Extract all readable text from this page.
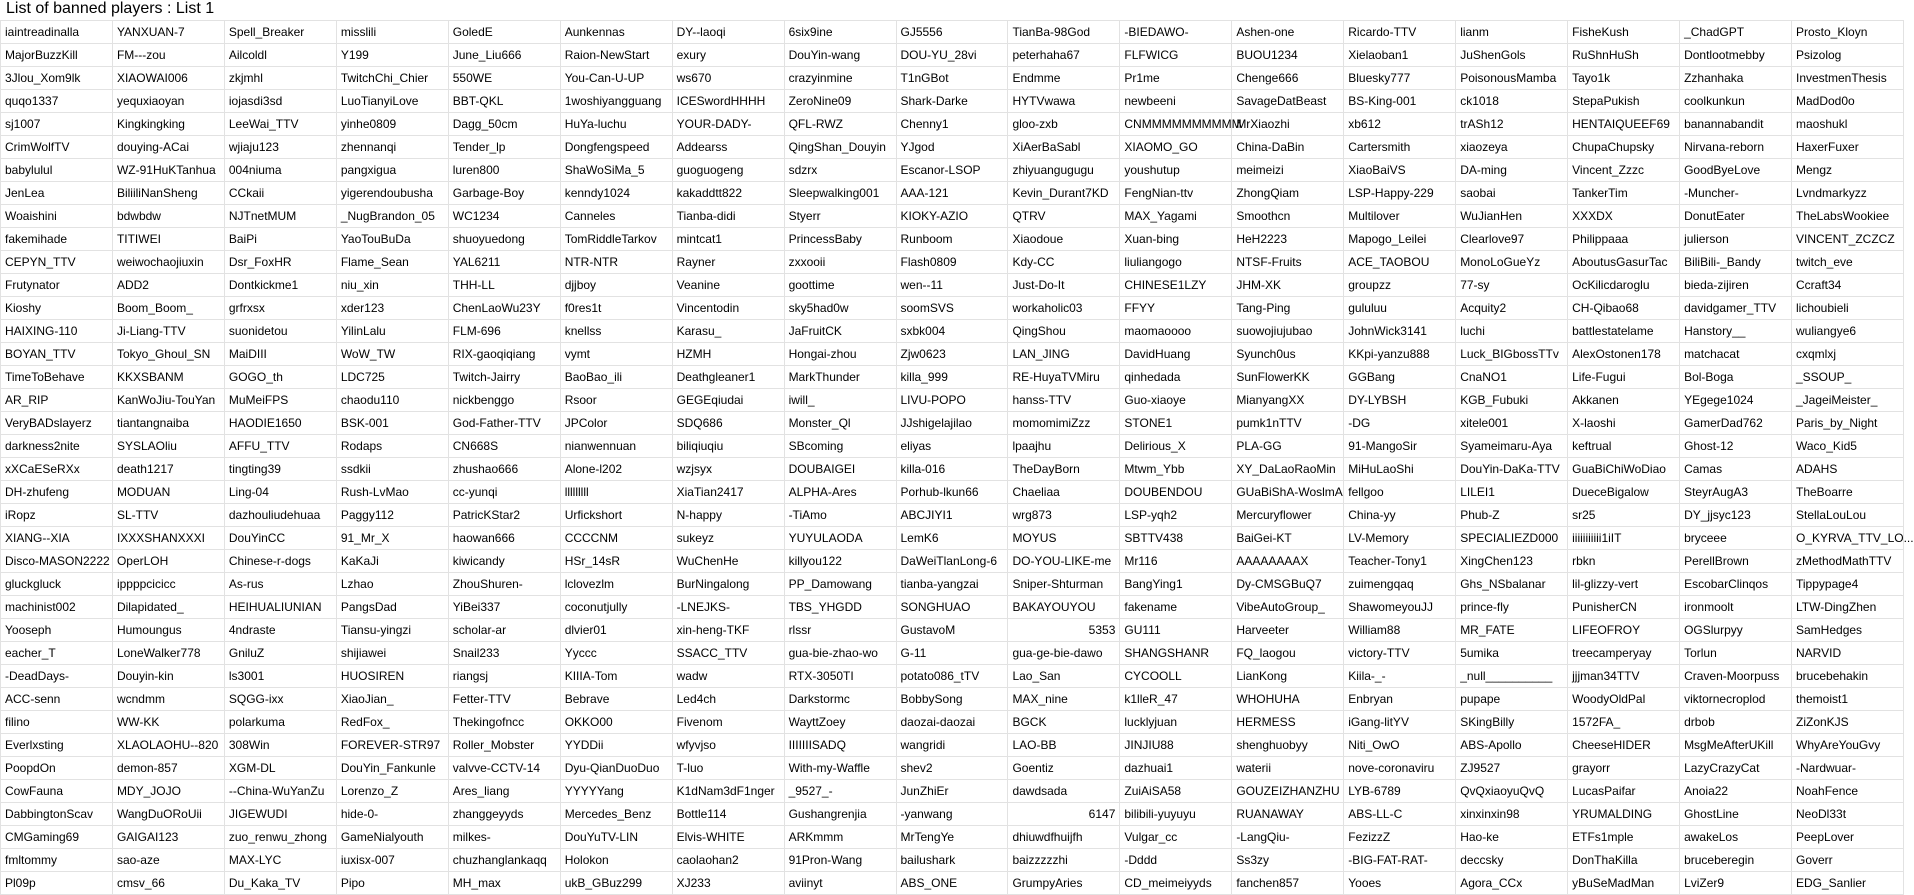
List of banned players : List 1
iaintreadinalla	YANXUAN-7	Spell_Breaker	misslili	GoledE	Aunkennas	DY--laoqi	6six9ine	GJ5556	TianBa-98God	-BIEDAWO-	Ashen-one	Ricardo-TTV	lianm	FisheKush	_ChadGPT	Prosto_Kloyn
MajorBuzzKill	FM---zou	Ailcoldl	Y199	June_Liu666	Raion-NewStart	exury	DouYin-wang	DOU-YU_28vi	peterhaha67	FLFWICG	BUOU1234	Xielaoban1	JuShenGols	RuShnHuSh	Dontlootmebby	Psizolog
3Jlou_Xom9lk	XIAOWAI006	zkjmhl	TwitchChi_Chier	550WE	You-Can-U-UP	ws670	crazyinmine	T1nGBot	Endmme	Pr1me	Chenge666	Bluesky777	PoisonousMamba	Tayo1k	Zzhanhaka	InvestmenThesis
quqo1337	yequxiaoyan	iojasdi3sd	LuoTianyiLove	BBT-QKL	1woshiyangguang	ICESwordHHHH	ZeroNine09	Shark-Darke	HYTVwawa	newbeeni	SavageDatBeast	BS-King-001	ck1018	StepaPukish	coolkunkun	MadDod0o
sj1007	Kingkingking	LeeWai_TTV	yinhe0809	Dagg_50cm	HuYa-luchu	YOUR-DADY-	QFL-RWZ	Chenny1	gloo-zxb	CNMMMMMMMMMM	MrXiaozhi	xb612	trASh12	HENTAIQUEEF69	banannabandit	maoshukl
CrimWolfTV	douying-ACai	wjiaju123	zhennanqi	Tender_lp	Dongfengspeed	Addearss	QingShan_Douyin	YJgod	XiAerBaSabl	XIAOMO_GO	China-DaBin	Cartersmith	xiaozeya	ChupaChupsky	Nirvana-reborn	HaxerFuxer
babylulul	WZ-91HuKTanhua	004niuma	pangxigua	luren800	ShaWoSiMa_5	guoguogeng	sdzrx	Escanor-LSOP	zhiyuangugugu	youshutup	meimeizi	XiaoBaiVS	DA-ming	Vincent_Zzzc	GoodByeLove	Mengz
JenLea	BiliiliNanSheng	CCkaii	yigerendoubusha	Garbage-Boy	kenndy1024	kakaddtt822	Sleepwalking001	AAA-121	Kevin_Durant7KD	FengNian-ttv	ZhongQiam	LSP-Happy-229	saobai	TankerTim	-Muncher-	Lvndmarkyzz
Woaishini	bdwbdw	NJTnetMUM	_NugBrandon_05	WC1234	Canneles	Tianba-didi	Styerr	KIOKY-AZIO	QTRV	MAX_Yagami	Smoothcn	Multilover	WuJianHen	XXXDX	DonutEater	TheLabsWookiee
fakemihade	TITIWEI	BaiPi	YaoTouBuDa	shuoyuedong	TomRiddleTarkov	mintcat1	PrincessBaby	Runboom	Xiaodoue	Xuan-bing	HeH2223	Mapogo_Leilei	Clearlove97	Philippaaa	julierson	VINCENT_ZCZCZ
CEPYN_TTV	weiwochaojiuxin	Dsr_FoxHR	Flame_Sean	YAL6211	NTR-NTR	Rayner	zxxooii	Flash0809	Kdy-CC	liuliangogo	NTSF-Fruits	ACE_TAOBOU	MonoLoGueYz	AboutusGasurTac	BiliBili-_Bandy	twitch_eve
Frutynator	ADD2	Dontkickme1	niu_xin	THH-LL	djjboy	Veanine	goottime	wen--11	Just-Do-It	CHINESE1LZY	JHM-XK	groupzz	77-sy	OcKilicdaroglu	bieda-zijiren	Ccraft34
Kioshy	Boom_Boom_	grfrxsx	xder123	ChenLaoWu23Y	f0res1t	Vincentodin	sky5had0w	soomSVS	workaholic03	FFYY	Tang-Ping	gululuu	Acquity2	CH-Qibao68	davidgamer_TTV	lichoubieli
HAIXING-110	Ji-Liang-TTV	suonidetou	YilinLalu	FLM-696	knellss	Karasu_	JaFruitCK	sxbk004	QingShou	maomaoooo	suowojiujubao	JohnWick3141	luchi	battlestatelame	Hanstory__	wuliangye6
BOYAN_TTV	Tokyo_Ghoul_SN	MaiDIII	WoW_TW	RIX-gaoqiqiang	vymt	HZMH	Hongai-zhou	Zjw0623	LAN_JING	DavidHuang	Syunch0us	KKpi-yanzu888	Luck_BIGbossTTv	AlexOstonen178	matchacat	cxqmlxj
TimeToBehave	KKXSBANM	GOGO_th	LDC725	Twitch-Jairry	BaoBao_ili	Deathgleaner1	MarkThunder	killa_999	RE-HuyaTVMiru	qinhedada	SunFlowerKK	GGBang	CnaNO1	Life-Fugui	Bol-Boga	_SSOUP_
AR_RIP	KanWoJiu-TouYan	MuMeiFPS	chaodu110	nickbenggo	Rsoor	GEGEqiudai	iwill_	LIVU-POPO	hanss-TTV	Guo-xiaoye	MianyangXX	DY-LYBSH	KGB_Fubuki	Akkanen	YEgege1024	_JageiMeister_
VeryBADslayerz	tiantangnaiba	HAODIE1650	BSK-001	God-Father-TTV	JPColor	SDQ686	Monster_Ql	JJshigelajilao	momomimiZzz	STONE1	pumk1nTTV	-DG	xitele001	X-laoshi	GamerDad762	Paris_by_Night
darkness2nite	SYSLAOliu	AFFU_TTV	Rodaps	CN668S	nianwennuan	biliqiuqiu	SBcoming	eliyas	lpaajhu	Delirious_X	PLA-GG	91-MangoSir	Syameimaru-Aya	keftrual	Ghost-12	Waco_Kid5
xXCaESeRXx	death1217	tingting39	ssdkii	zhushao666	Alone-l202	wzjsyx	DOUBAIGEI	killa-016	TheDayBorn	Mtwm_Ybb	XY_DaLaoRaoMin	MiHuLaoShi	DouYin-DaKa-TTV	GuaBiChiWoDiao	Camas	ADAHS
DH-zhufeng	MODUAN	Ling-04	Rush-LvMao	cc-yunqi	lllllllll	XiaTian2417	ALPHA-Ares	Porhub-lkun66	Chaeliaa	DOUBENDOU	GUaBiShA-WoslmA	fellgoo	LILEI1	DueceBigalow	SteyrAugA3	TheBoarre
iRopz	SL-TTV	dazhouliudehuaa	Paggy112	PatricKStar2	Urfickshort	N-happy	-TiAmo	ABCJIYI1	wrg873	LSP-yqh2	Mercuryflower	China-yy	Phub-Z	sr25	DY_jjsyc123	StellaLouLou
XIANG--XIA	IXXXSHANXXXI	DouYinCC	91_Mr_X	haowan666	CCCCNM	sukeyz	YUYULAODA	LemK6	MOYUS	SBTTV438	BaiGei-KT	LV-Memory	SPECIALIEZD000	iiiiiiiiiii1iIT	bryceee	O_KYRVA_TTV_LO...
Disco-MASON2222	OperLOH	Chinese-r-dogs	KaKaJi	kiwicandy	HSr_14sR	WuChenHe	killyou122	DaWeiTlanLong-6	DO-YOU-LIKE-me	Mr116	AAAAAAAAX	Teacher-Tony1	XingChen123	rbkn	PerellBrown	zMethodMathTTV
gluckgluck	ippppcicicc	As-rus	Lzhao	ZhouShuren-	lclovezlm	BurNingalong	PP_Damowang	tianba-yangzai	Sniper-Shturman	BangYing1	Dy-CMSGBuQ7	zuimengqaq	Ghs_NSbalanar	lil-glizzy-vert	EscobarClinqos	Tippypage4
machinist002	Dilapidated_	HEIHUALIUNIAN	PangsDad	YiBei337	coconutjully	-LNEJKS-	TBS_YHGDD	SONGHUAO	BAKAYOUYOU	fakename	VibeAutoGroup_	ShawomeyouJJ	prince-fly	PunisherCN	ironmoolt	LTW-DingZhen
Yooseph	Humoungus	4ndraste	Tiansu-yingzi	scholar-ar	dlvier01	xin-heng-TKF	rlssr	GustavoM	5353	GU111	Harveeter	William88	MR_FATE	LIFEOFROY	OGSlurpyy	SamHedges
eacher_T	LoneWalker778	GniluZ	shijiawei	Snail233	Yyccc	SSACC_TTV	gua-bie-zhao-wo	G-11	gua-ge-bie-dawo	SHANGSHANR	FQ_laogou	victory-TTV	5umika	treecamperyay	Torlun	NARVID
-DeadDays-	Douyin-kin	ls3001	HUOSIREN	riangsj	KIIIA-Tom	wadw	RTX-3050TI	potato086_tTV	Lao_San	CYCOOLL	LianKong	Kiila-_-	_null__________	jjjman34TTV	Craven-Moorpuss	brucebehakin
ACC-senn	wcndmm	SQGG-ixx	XiaoJian_	Fetter-TTV	Bebrave	Led4ch	Darkstormc	BobbySong	MAX_nine	k1lleR_47	WHOHUHA	Enbryan	pupape	WoodyOldPal	viktornecroplod	themoist1
filino	WW-KK	polarkuma	RedFox_	Thekingofncc	OKKO00	Fivenom	WayttZoey	daozai-daozai	BGCK	lucklyjuan	HERMESS	iGang-litYV	SKingBilly	1572FA_	drbob	ZiZonKJS
Everlxsting	XLAOLAOHU--820	308Win	FOREVER-STR97	Roller_Mobster	YYDDii	wfyvjso	IIIIIIISADQ	wangridi	LAO-BB	JINJIU88	shenghuobyy	Niti_OwO	ABS-Apollo	CheeseHIDER	MsgMeAfterUKill	WhyAreYouGvy
PoopdOn	demon-857	XGM-DL	DouYin_Fankunle	valvve-CCTV-14	Dyu-QianDuoDuo	T-luo	With-my-Waffle	shev2	Goentiz	dazhuai1	waterii	nove-coronaviru	ZJ9527	grayorr	LazyCrazyCat	-Nardwuar-
CowFauna	MDY_JOJO	--China-WuYanZu	Lorenzo_Z	Ares_liang	YYYYYang	K1dNam3dF1nger	_9527_-	JunZhiEr	dawdsada	ZuiAiSA58	GOUZEIZHANZHU	LYB-6789	QvQxiaoyuQvQ	LucasPaifar	Anoia22	NoahFence
DabbingtonScav	WangDuORoUii	JIGEWUDI	hide-0-	zhanggeyyds	Mercedes_Benz	Bottle114	Gushangrenjia	-yanwang	6147	bilibili-yuyuyu	RUANAWAY	ABS-LL-C	xinxinxin98	YRUMALDING	GhostLine	NeoDl33t
CMGaming69	GAIGAI123	zuo_renwu_zhong	GameNialyouth	milkes-	DouYuTV-LIN	Elvis-WHITE	ARKmmm	MrTengYe	dhiuwdfhuijfh	Vulgar_cc	-LangQiu-	FezizzZ	Hao-ke	ETFs1mple	awakeLos	PeepLover
fmltommy	sao-aze	MAX-LYC	iuxisx-007	chuzhanglankaqq	Holokon	caolaohan2	91Pron-Wang	bailushark	baizzzzzhi	-Dddd	Ss3zy	-BIG-FAT-RAT-	deccsky	DonThaKilla	bruceberegin	Goverr
Pl09p	cmsv_66	Du_Kaka_TV	Pipo	MH_max	ukB_GBuz299	XJ233	aviinyt	ABS_ONE	GrumpyAries	CD_meimeiyyds	fanchen857	Yooes	Agora_CCx	yBuSeMadMan	LviZer9	EDG_Sanlier
